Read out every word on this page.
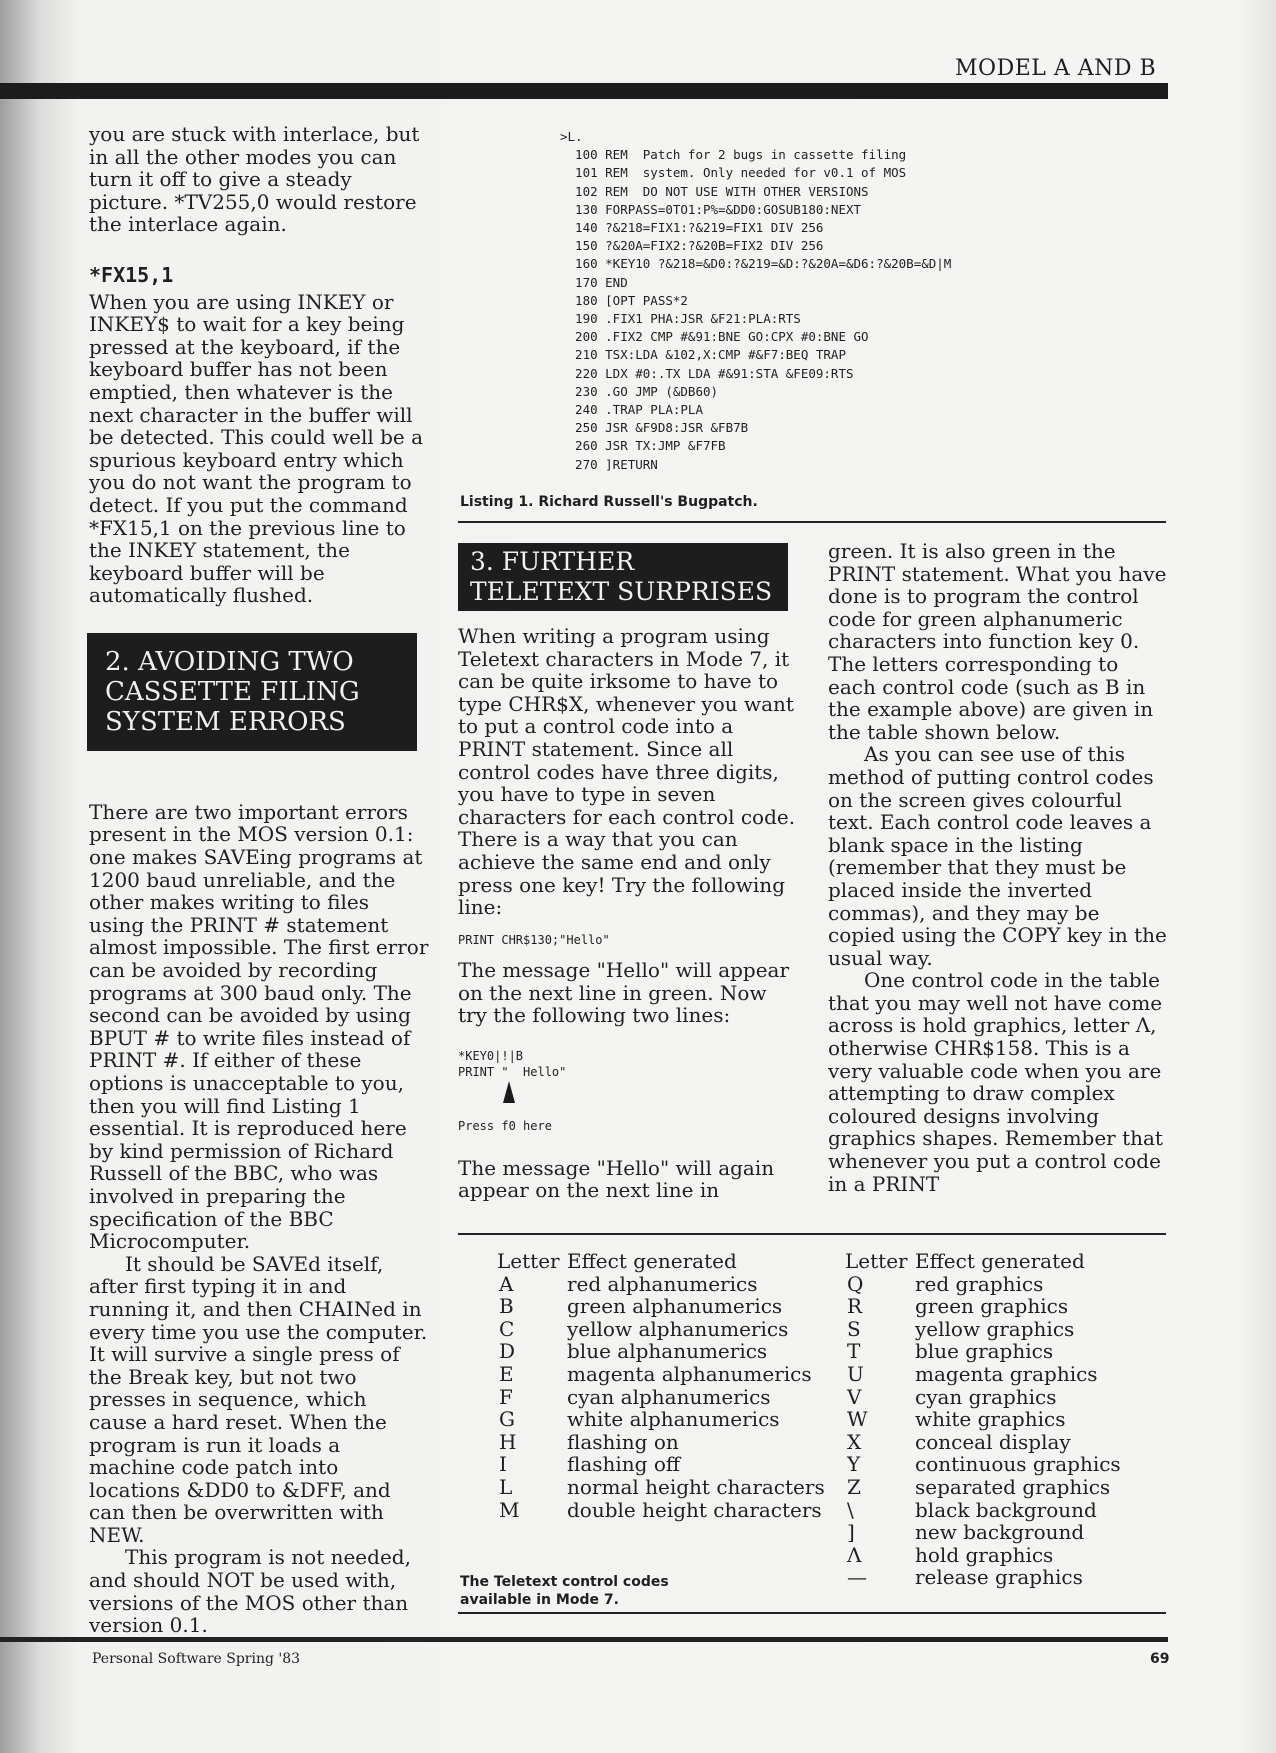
MODEL A AND B

you are stuck with interlace, but in all the other modes you can turn it off to give a steady picture. *TV255,0 would restore the interlace again.

*FX15,1

When you are using INKEY or INKEY$ to wait for a key being pressed at the keyboard, if the keyboard buffer has not been emptied, then whatever is the next character in the buffer will be detected. This could well be a spurious keyboard entry which you do not want the program to detect. If you put the command *FX15,1 on the previous line to the INKEY statement, the keyboard buffer will be automatically flushed.

2. AVOIDING TWO CASSETTE FILING SYSTEM ERRORS

There are two important errors present in the MOS version 0.1: one makes SAVEing programs at 1200 baud unreliable, and the other makes writing to files using the PRINT # statement almost impossible. The first error can be avoided by recording programs at 300 baud only. The second can be avoided by using BPUT # to write files instead of PRINT #. If either of these options is unacceptable to you, then you will find Listing 1 essential. It is reproduced here by kind permission of Richard Russell of the BBC, who was involved in preparing the specification of the BBC Microcomputer.

It should be SAVEd itself, after first typing it in and running it, and then CHAINed in every time you use the computer. It will survive a single press of the Break key, but not two presses in sequence, which cause a hard reset. When the program is run it loads a machine code patch into locations &DD0 to &DFF, and can then be overwritten with NEW.

This program is not needed, and should NOT be used with, versions of the MOS other than version 0.1.

>L.
100 REM  Patch for 2 bugs in cassette filing
101 REM  system. Only needed for v0.1 of MOS
102 REM  DO NOT USE WITH OTHER VERSIONS
130 FORPASS=0TO1:P%=&DD0:GOSUB180:NEXT
140 ?&218=FIX1:?&219=FIX1 DIV 256
150 ?&20A=FIX2:?&20B=FIX2 DIV 256
160 *KEY10 ?&218=&D0:?&219=&D:?&20A=&D6:?&20B=&D|M
170 END
180 [OPT PASS*2
190 .FIX1 PHA:JSR &F21:PLA:RTS
200 .FIX2 CMP #&91:BNE GO:CPX #0:BNE GO
210 TSX:LDA &102,X:CMP #&F7:BEQ TRAP
220 LDX #0:.TX LDA #&91:STA &FE09:RTS
230 .GO JMP (&DB60)
240 .TRAP PLA:PLA
250 JSR &F9D8:JSR &FB7B
260 JSR TX:JMP &F7FB
270 ]RETURN
Listing 1. Richard Russell's Bugpatch.
3. FURTHER TELETEXT SURPRISES

When writing a program using Teletext characters in Mode 7, it can be quite irksome to have to type CHR$X, whenever you want to put a control code into a PRINT statement. Since all control codes have three digits, you have to type in seven characters for each control code. There is a way that you can achieve the same end and only press one key! Try the following line:

PRINT CHR$130;"Hello"

The message "Hello" will appear on the next line in green. Now try the following two lines:

*KEY0|!|B
PRINT "  Hello"
Press f0 here

The message "Hello" will again appear on the next line in

green. It is also green in the PRINT statement. What you have done is to program the control code for green alphanumeric characters into function key 0. The letters corresponding to each control code (such as B in the example above) are given in the table shown below.

As you can see use of this method of putting control codes on the screen gives colourful text. Each control code leaves a blank space in the listing (remember that they must be placed inside the inverted commas), and they may be copied using the COPY key in the usual way.

One control code in the table that you may well not have come across is hold graphics, letter Λ, otherwise CHR$158. This is a very valuable code when you are attempting to draw complex coloured designs involving graphics shapes. Remember that whenever you put a control code in a PRINT

Letter	Effect generated
A	red alphanumerics
B	green alphanumerics
C	yellow alphanumerics
D	blue alphanumerics
E	magenta alphanumerics
F	cyan alphanumerics
G	white alphanumerics
H	flashing on
I	flashing off
L	normal height characters
M	double height characters
Letter	Effect generated
Q	red graphics
R	green graphics
S	yellow graphics
T	blue graphics
U	magenta graphics
V	cyan graphics
W	white graphics
X	conceal display
Y	continuous graphics
Z	separated graphics
\	black background
]	new background
Λ	hold graphics
—	release graphics
The Teletext control codes available in Mode 7.
Personal Software Spring '83	69
